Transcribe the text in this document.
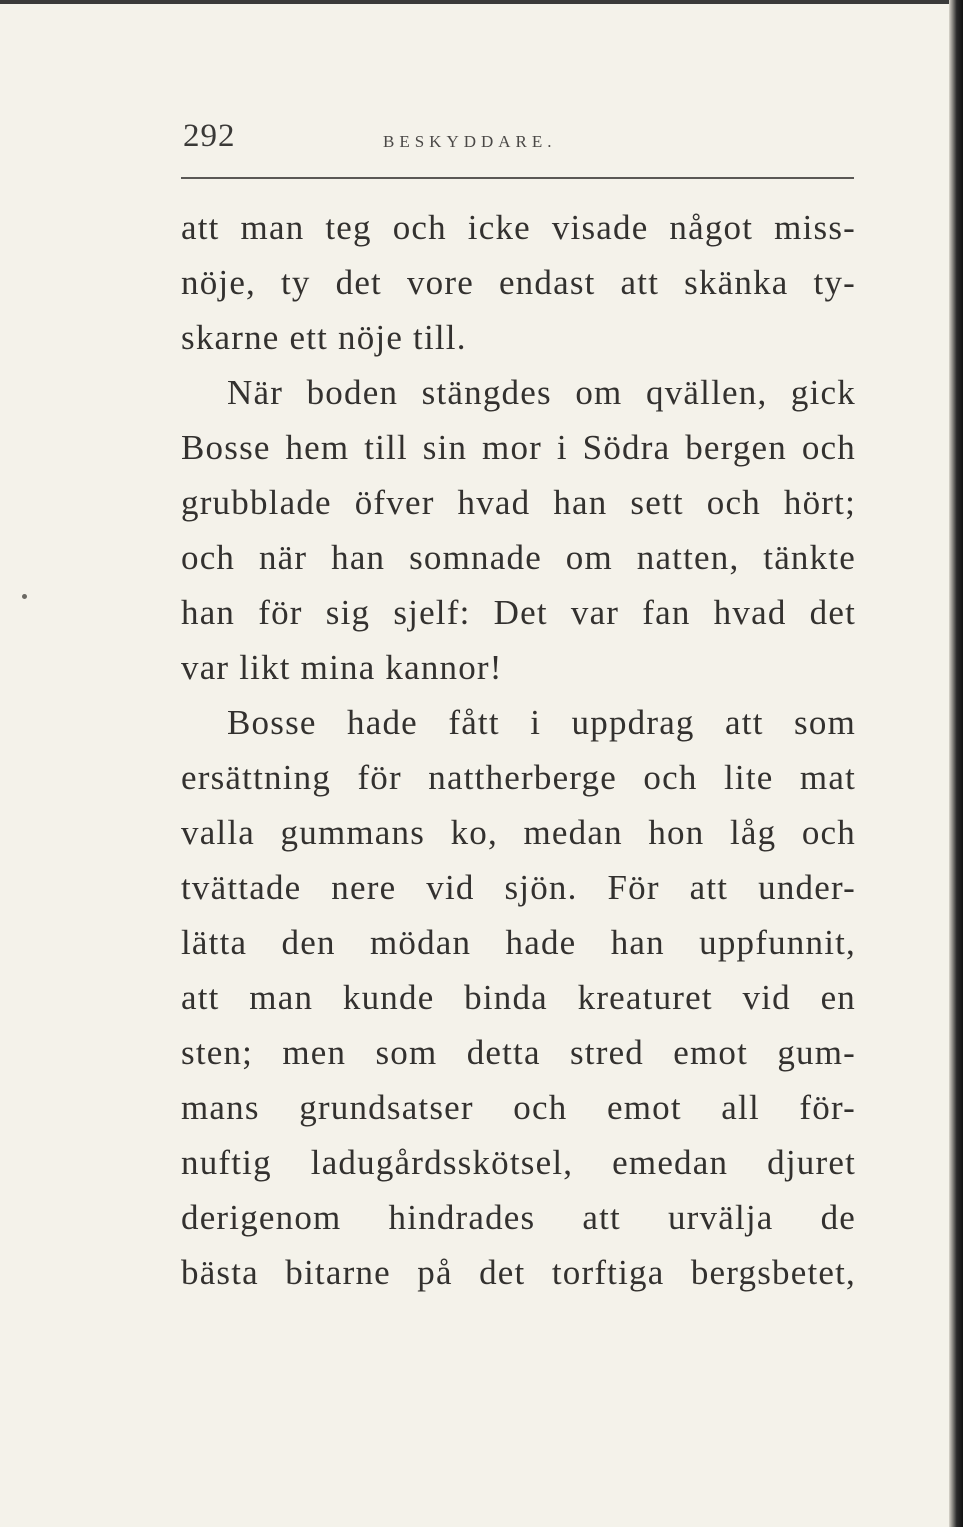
292	BESKYDDARE.
att man teg och icke visade något miss-
nöje, ty det vore endast att skänka ty-
skarne ett nöje till.
När boden stängdes om qvällen, gick
Bosse hem till sin mor i Södra bergen och
grubblade öfver hvad han sett och hört;
och när han somnade om natten, tänkte
han för sig sjelf: Det var fan hvad det
var likt mina kannor!
Bosse hade fått i uppdrag att som
ersättning för nattherberge och lite mat
valla gummans ko, medan hon låg och
tvättade nere vid sjön. För att under-
lätta den mödan hade han uppfunnit,
att man kunde binda kreaturet vid en
sten; men som detta stred emot gum-
mans grundsatser och emot all för-
nuftig ladugårdsskötsel, emedan djuret
derigenom hindrades att urvälja de
bästa bitarne på det torftiga bergsbetet,
